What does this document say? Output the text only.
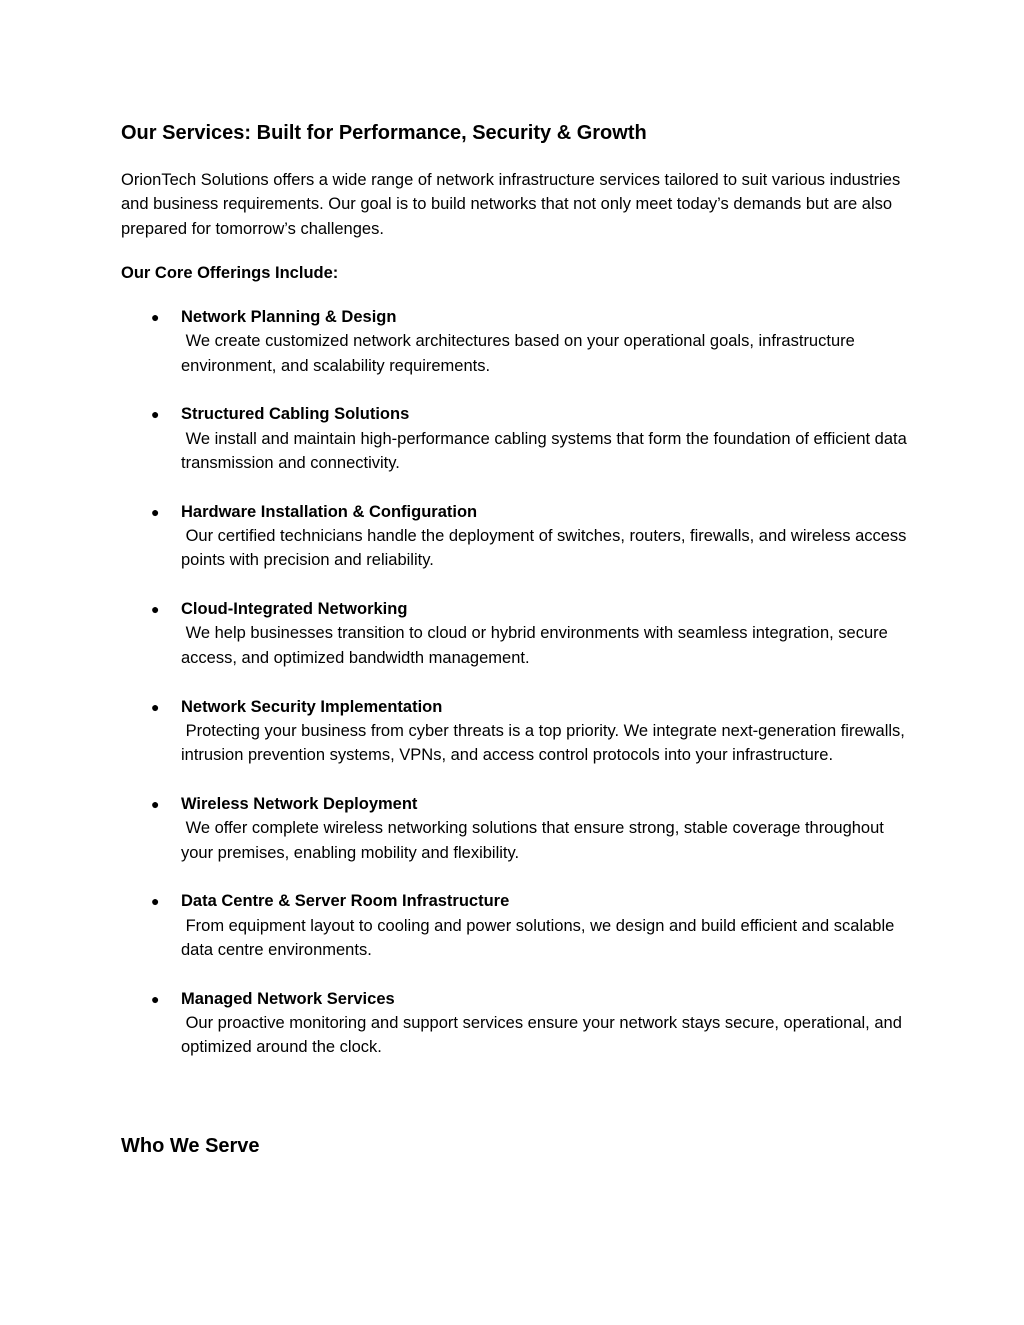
Our Services: Built for Performance, Security & Growth
OrionTech Solutions offers a wide range of network infrastructure services tailored to suit various industries and business requirements. Our goal is to build networks that not only meet today’s demands but are also prepared for tomorrow’s challenges.
Our Core Offerings Include:
● Network Planning & Design
We create customized network architectures based on your operational goals, infrastructure environment, and scalability requirements.
● Structured Cabling Solutions
We install and maintain high-performance cabling systems that form the foundation of efficient data transmission and connectivity.
● Hardware Installation & Configuration
Our certified technicians handle the deployment of switches, routers, firewalls, and wireless access points with precision and reliability.
● Cloud-Integrated Networking
We help businesses transition to cloud or hybrid environments with seamless integration, secure access, and optimized bandwidth management.
● Network Security Implementation
Protecting your business from cyber threats is a top priority. We integrate next-generation firewalls, intrusion prevention systems, VPNs, and access control protocols into your infrastructure.
● Wireless Network Deployment
We offer complete wireless networking solutions that ensure strong, stable coverage throughout your premises, enabling mobility and flexibility.
● Data Centre & Server Room Infrastructure
From equipment layout to cooling and power solutions, we design and build efficient and scalable data centre environments.
● Managed Network Services
Our proactive monitoring and support services ensure your network stays secure, operational, and optimized around the clock.
Who We Serve
